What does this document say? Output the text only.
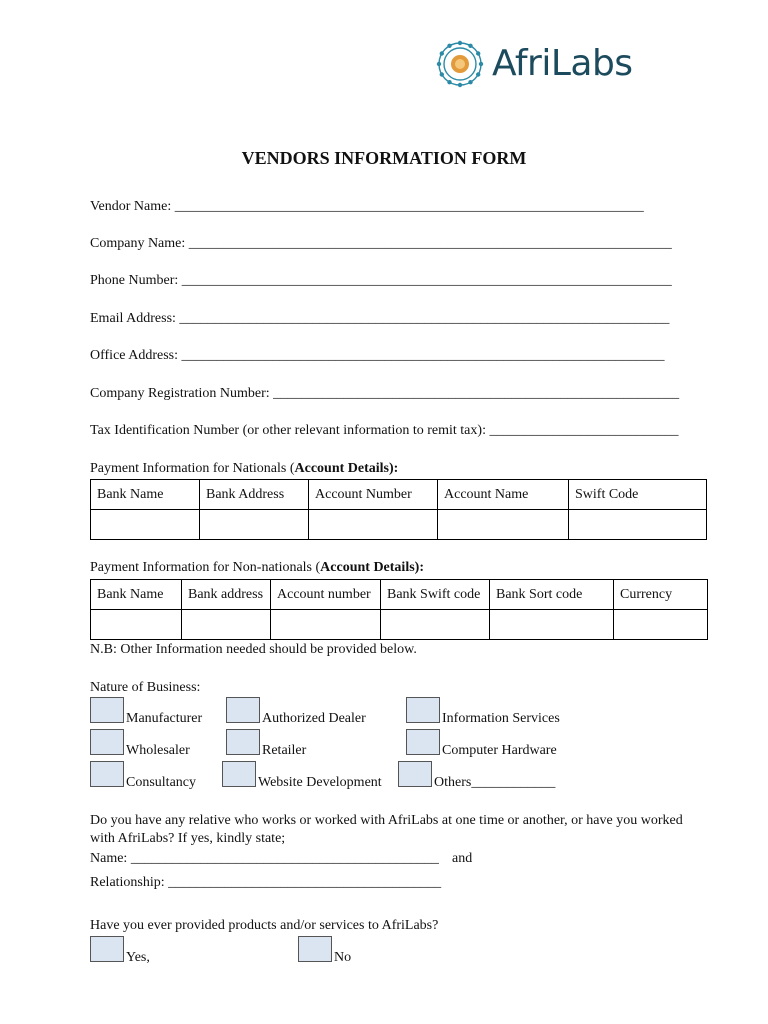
AfriLabs
VENDORS INFORMATION FORM
Vendor Name: ___________________________________________________________________
Company Name: _____________________________________________________________________
Phone Number: ______________________________________________________________________
Email Address: ______________________________________________________________________
Office Address: _____________________________________________________________________
Company Registration Number: __________________________________________________________
Tax Identification Number (or other relevant information to remit tax): ___________________________
Payment Information for Nationals (Account Details):
Bank Name	Bank Address	Account Number	Account Name	Swift Code

Payment Information for Non-nationals (Account Details):
Bank Name	Bank address	Account number	Bank Swift code	Bank Sort code	Currency

N.B: Other Information needed should be provided below.
Nature of Business:
Manufacturer	Authorized Dealer	Information Services
Wholesaler	Retailer	Computer Hardware
Consultancy	Website Development	Others____________
Do you have any relative who works or worked with AfriLabs at one time or another, or have you worked
with AfriLabs? If yes, kindly state;
Name: ____________________________________________ and
Relationship: _______________________________________
Have you ever provided products and/or services to AfriLabs?
Yes,	No
